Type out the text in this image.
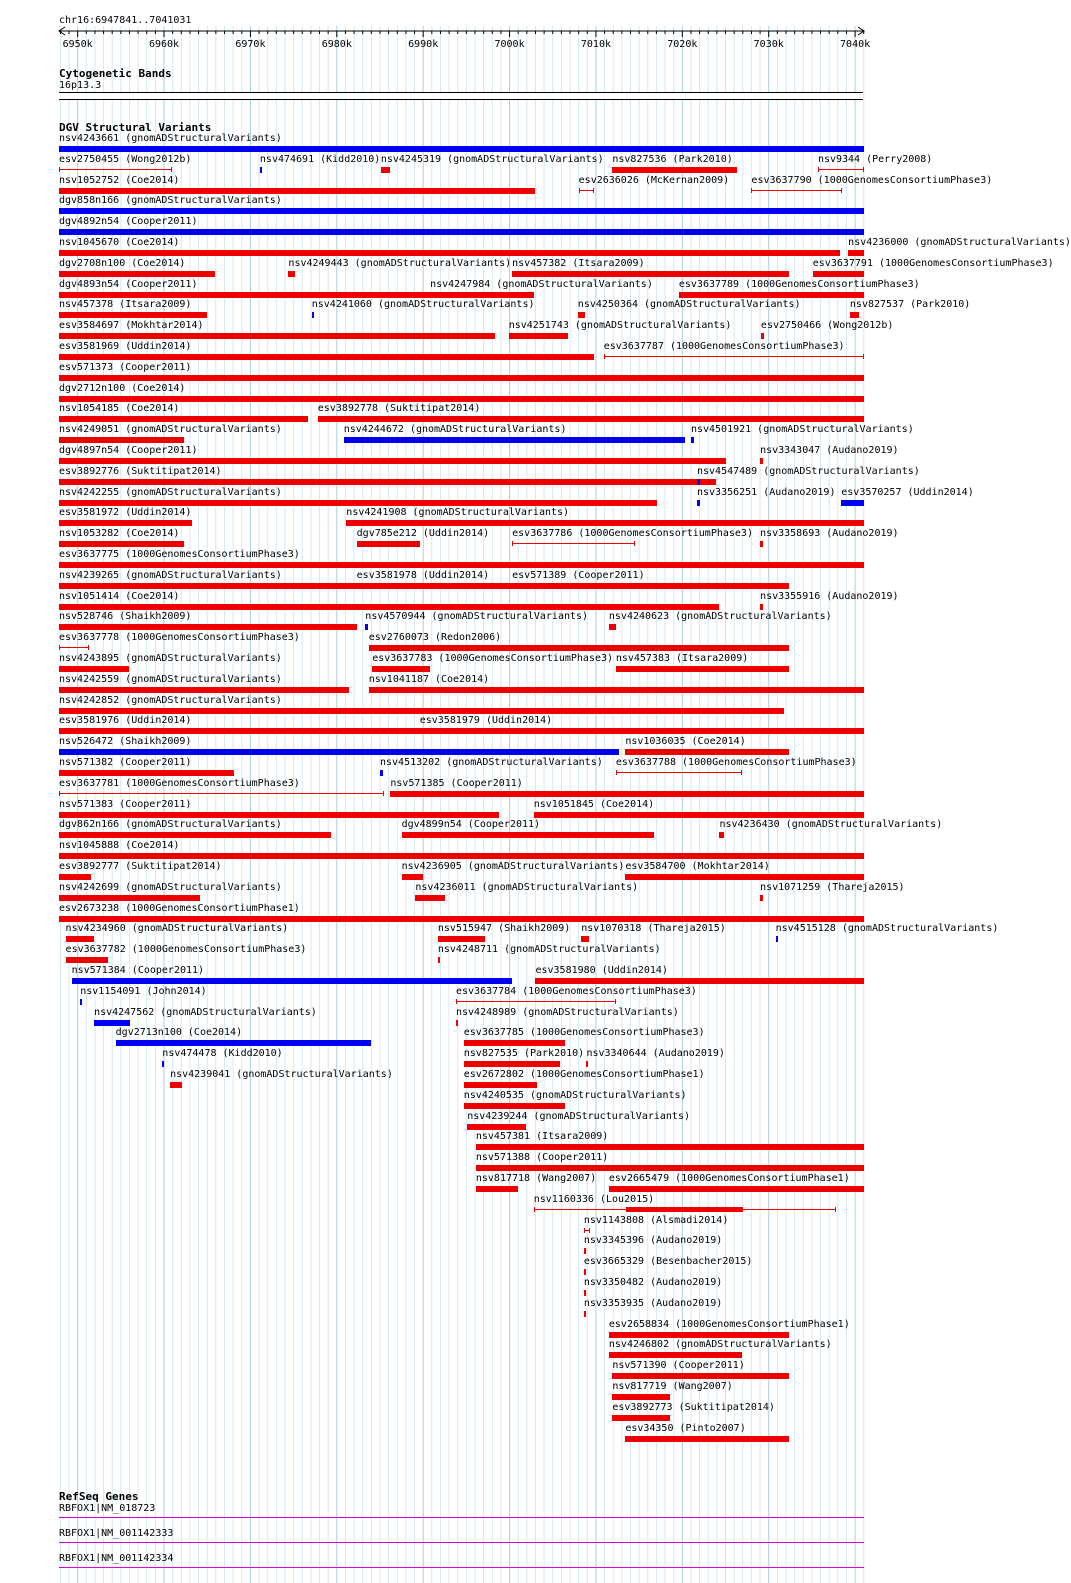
chr16:6947841..7041031
6950k	6960k	6970k	6980k	6990k	7000k	7010k	7020k	7030k	7040k
Cytogenetic Bands
16p13.3
DGV Structural Variants
nsv4243661 (gnomADStructuralVariants)
esv2750455 (Wong2012b)	nsv474691 (Kidd2010) nsv4245319 (gnomADStructuralVariants) nsv827536 (Park2010)	nsv9344 (Perry2008)
nsv1052752 (Coe2014)	esv2636026 (McKernan2009) esv3637790 (1000GenomesConsortiumPhase3)
dgv858n166 (gnomADStructuralVariants)
dgv4892n54 (Cooper2011)
nsv1045670 (Coe2014)	nsv4236000 (gnomADStructuralVariants)
dgv2708n100 (Coe2014)	nsv4249443 (gnomADStructuralVariants) nsv457382 (Itsara2009)	esv3637791 (1000GenomesConsortiumPhase3)
dgv4893n54 (Cooper2011)	nsv4247984 (gnomADStructuralVariants)	esv3637789 (1000GenomesConsortiumPhase3)
nsv457378 (Itsara2009)	nsv4241060 (gnomADStructuralVariants)	nsv4250364 (gnomADStructuralVariants)	nsv827537 (Park2010)
esv3584697 (Mokhtar2014)	nsv4251743 (gnomADStructuralVariants)	esv2750466 (Wong2012b)
esv3581969 (Uddin2014)	esv3637787 (1000GenomesConsortiumPhase3)
esv571373 (Cooper2011)
dgv2712n100 (Coe2014)
nsv1054185 (Coe2014)	esv3892778 (Suktitipat2014)
nsv4249051 (gnomADStructuralVariants)	nsv4244672 (gnomADStructuralVariants)	nsv4501921 (gnomADStructuralVariants)
dgv4897n54 (Cooper2011)	nsv3343047 (Audano2019)
esv3892776 (Suktitipat2014)	nsv4547489 (gnomADStructuralVariants)
nsv4242255 (gnomADStructuralVariants)	nsv3356251 (Audano2019) esv3570257 (Uddin2014)
esv3581972 (Uddin2014)	nsv4241908 (gnomADStructuralVariants)
nsv1053282 (Coe2014)	dgv785e212 (Uddin2014) esv3637786 (1000GenomesConsortiumPhase3) nsv3358693 (Audano2019)
esv3637775 (1000GenomesConsortiumPhase3)
nsv4239265 (gnomADStructuralVariants)	esv3581978 (Uddin2014) esv571389 (Cooper2011)
nsv1051414 (Coe2014)	nsv3355916 (Audano2019)
nsv528746 (Shaikh2009)	nsv4570944 (gnomADStructuralVariants) nsv4240623 (gnomADStructuralVariants)
esv3637778 (1000GenomesConsortiumPhase3)	esv2760073 (Redon2006)
nsv4243895 (gnomADStructuralVariants)	esv3637783 (1000GenomesConsortiumPhase3) nsv457383 (Itsara2009)
nsv4242559 (gnomADStructuralVariants)	nsv1041187 (Coe2014)
nsv4242852 (gnomADStructuralVariants)
esv3581976 (Uddin2014)	esv3581979 (Uddin2014)
nsv526472 (Shaikh2009)	nsv1036035 (Coe2014)
nsv571382 (Cooper2011)	nsv4513202 (gnomADStructuralVariants) esv3637788 (1000GenomesConsortiumPhase3)
esv3637781 (1000GenomesConsortiumPhase3)	nsv571385 (Cooper2011)
nsv571383 (Cooper2011)	nsv1051845 (Coe2014)
dgv862n166 (gnomADStructuralVariants)	dgv4899n54 (Cooper2011)	nsv4236430 (gnomADStructuralVariants)
nsv1045888 (Coe2014)
esv3892777 (Suktitipat2014)	nsv4236905 (gnomADStructuralVariants) esv3584700 (Mokhtar2014)
nsv4242699 (gnomADStructuralVariants)	nsv4236011 (gnomADStructuralVariants)	nsv1071259 (Thareja2015)
esv2673238 (1000GenomesConsortiumPhase1)
nsv4234960 (gnomADStructuralVariants)	nsv515947 (Shaikh2009) nsv1070318 (Thareja2015)	nsv4515128 (gnomADStructuralVariants)
esv3637782 (1000GenomesConsortiumPhase3)	nsv4248711 (gnomADStructuralVariants)
nsv571384 (Cooper2011)	esv3581980 (Uddin2014)
nsv1154091 (John2014)	esv3637784 (1000GenomesConsortiumPhase3)
nsv4247562 (gnomADStructuralVariants)	nsv4248989 (gnomADStructuralVariants)
dgv2713n100 (Coe2014)	esv3637785 (1000GenomesConsortiumPhase3)
nsv474478 (Kidd2010)	nsv827535 (Park2010) nsv3340644 (Audano2019)
nsv4239041 (gnomADStructuralVariants)	esv2672802 (1000GenomesConsortiumPhase1)
nsv4240535 (gnomADStructuralVariants)
nsv4239244 (gnomADStructuralVariants)
nsv457381 (Itsara2009)
nsv571388 (Cooper2011)
nsv817718 (Wang2007) esv2665479 (1000GenomesConsortiumPhase1)
nsv1160336 (Lou2015)
nsv1143808 (Alsmadi2014)
nsv3345396 (Audano2019)
esv3665329 (Besenbacher2015)
nsv3350482 (Audano2019)
nsv3353935 (Audano2019)
esv2658834 (1000GenomesConsortiumPhase1)
nsv4246802 (gnomADStructuralVariants)
nsv571390 (Cooper2011)
nsv817719 (Wang2007)
esv3892773 (Suktitipat2014)
esv34350 (Pinto2007)
RefSeq Genes
RBFOX1|NM_018723
RBFOX1|NM_001142333
RBFOX1|NM_001142334
